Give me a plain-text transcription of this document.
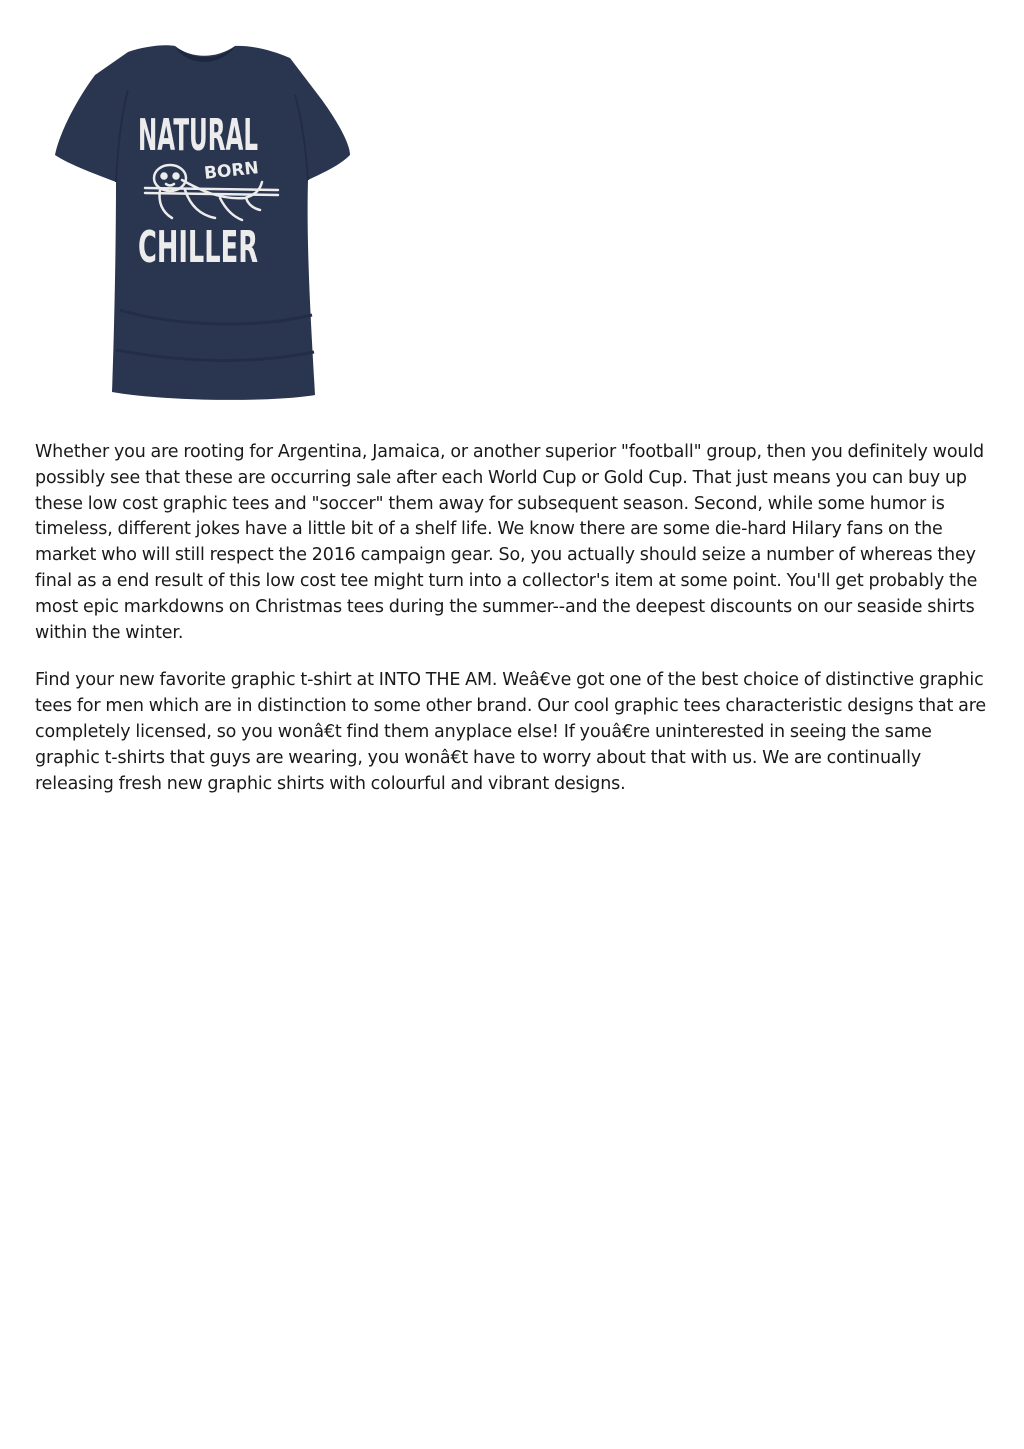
NATURAL
BORN
CHILLER

Whether you are rooting for Argentina, Jamaica, or another superior "football" group, then you definitely would possibly see that these are occurring sale after each World Cup or Gold Cup. That just means you can buy up these low cost graphic tees and "soccer" them away for subsequent season. Second, while some humor is timeless, different jokes have a little bit of a shelf life. We know there are some die-hard Hilary fans on the market who will still respect the 2016 campaign gear. So, you actually should seize a number of whereas they final as a end result of this low cost tee might turn into a collector's item at some point. You'll get probably the most epic markdowns on Christmas tees during the summer--and the deepest discounts on our seaside shirts within the winter.

Find your new favorite graphic t-shirt at INTO THE AM. Weâ€ve got one of the best choice of distinctive graphic tees for men which are in distinction to some other brand. Our cool graphic tees characteristic designs that are completely licensed, so you wonâ€t find them anyplace else! If youâ€re uninterested in seeing the same graphic t-shirts that guys are wearing, you wonâ€t have to worry about that with us. We are continually releasing fresh new graphic shirts with colourful and vibrant designs.
